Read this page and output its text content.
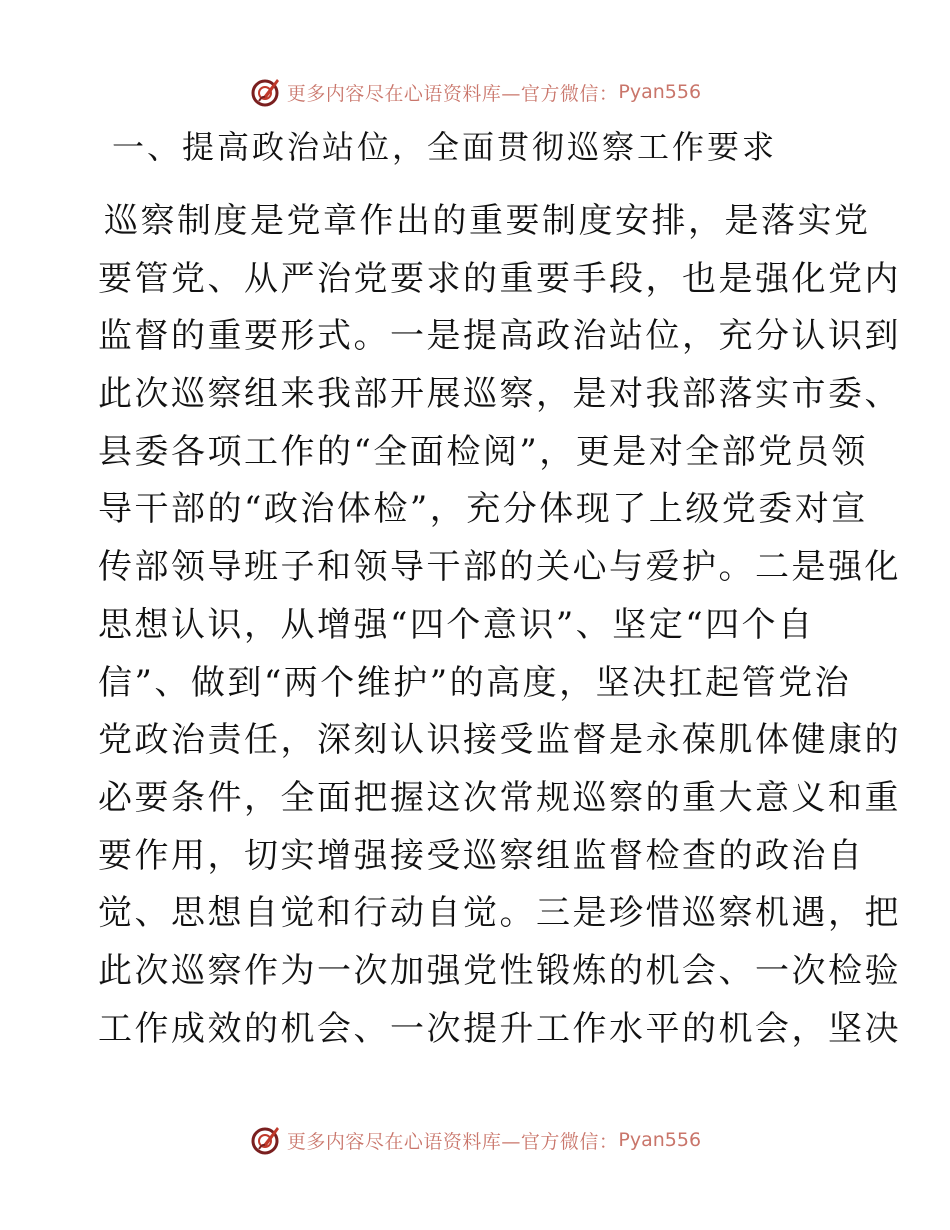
更多内容尽在心语资料库—官方微信： Pyan556
一、提高政治站位，全面贯彻巡察工作要求
巡察制度是党章作出的重要制度安排，是落实党
要管党、从严治党要求的重要手段，也是强化党内
监督的重要形式。一是提高政治站位，充分认识到
此次巡察组来我部开展巡察，是对我部落实市委、
县委各项工作的“全面检阅”，更是对全部党员领
导干部的“政治体检”，充分体现了上级党委对宣
传部领导班子和领导干部的关心与爱护。二是强化
思想认识，从增强“四个意识”、坚定“四个自
信”、做到“两个维护”的高度，坚决扛起管党治
党政治责任，深刻认识接受监督是永葆肌体健康的
必要条件，全面把握这次常规巡察的重大意义和重
要作用，切实增强接受巡察组监督检查的政治自
觉、思想自觉和行动自觉。三是珍惜巡察机遇，把
此次巡察作为一次加强党性锻炼的机会、一次检验
工作成效的机会、一次提升工作水平的机会，坚决
更多内容尽在心语资料库—官方微信： Pyan556
